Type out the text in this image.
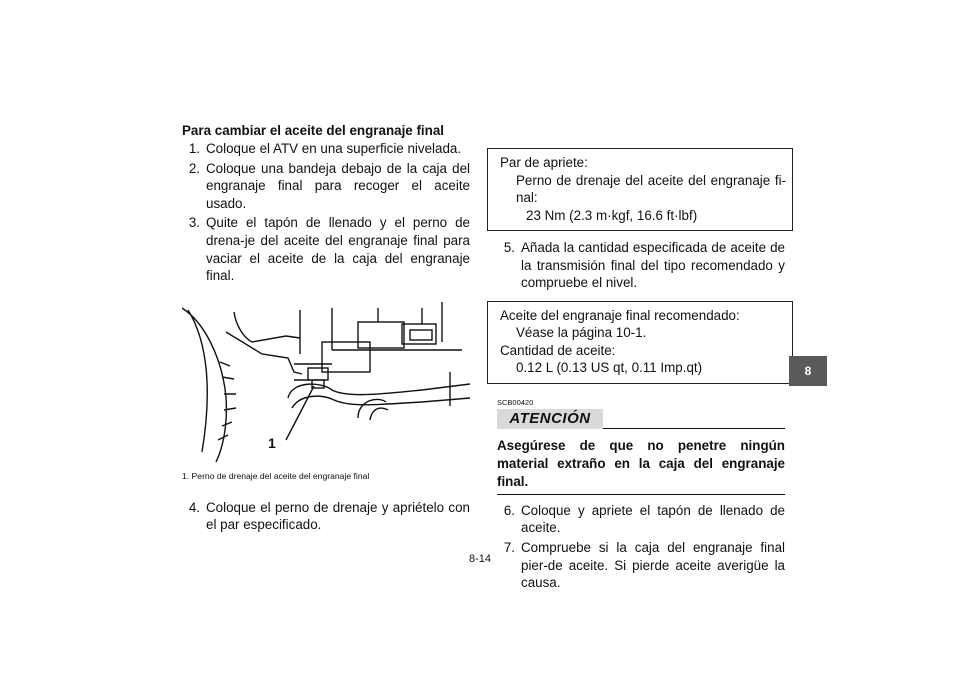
Para cambiar el aceite del engranaje final
1. Coloque el ATV en una superficie nivelada.
2. Coloque una bandeja debajo de la caja del engranaje final para recoger el aceite usado.
3. Quite el tapón de llenado y el perno de drena-je del aceite del engranaje final para vaciar el aceite de la caja del engranaje final.
1
1. Perno de drenaje del aceite del engranaje final
4. Coloque el perno de drenaje y apriételo con el par especificado.
Par de apriete:
Perno de drenaje del aceite del engranaje fi-nal:
23 Nm (2.3 m·kgf, 16.6 ft·lbf)
5. Añada la cantidad especificada de aceite de la transmisión final del tipo recomendado y compruebe el nivel.
Aceite del engranaje final recomendado:
Véase la página 10-1.
Cantidad de aceite:
0.12 L (0.13 US qt, 0.11 Imp.qt)
SCB00420
ATENCIÓN
Asegúrese de que no penetre ningún material extraño en la caja del engranaje final.
6. Coloque y apriete el tapón de llenado de aceite.
7. Compruebe si la caja del engranaje final pier-de aceite. Si pierde aceite averigüe la causa.
8
8-14
